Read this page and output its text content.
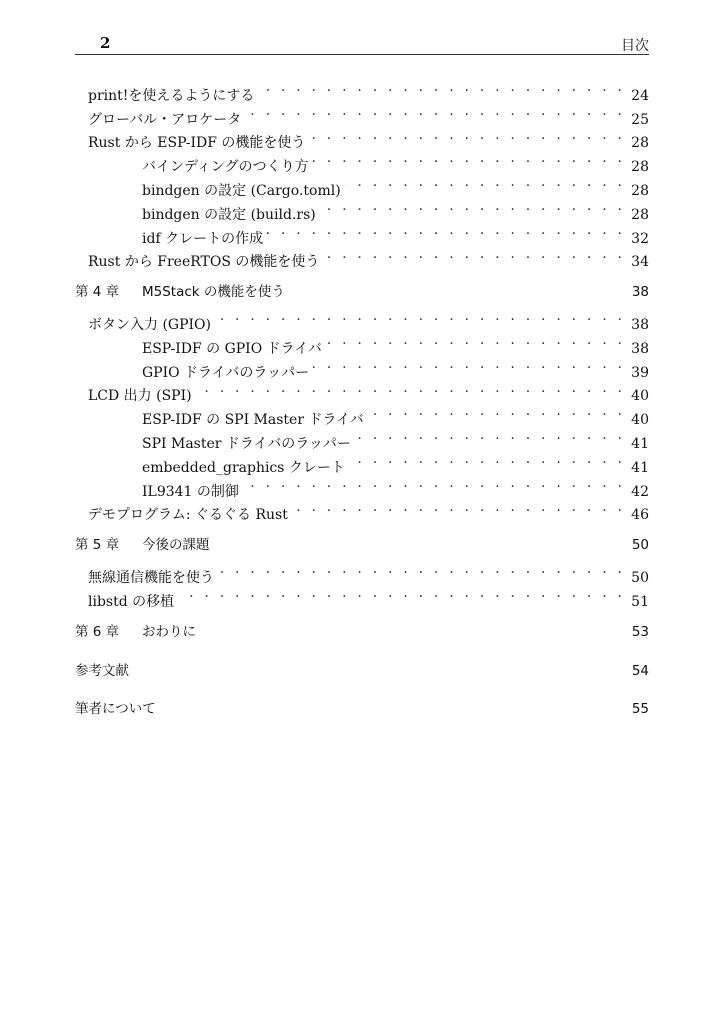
2	目次
print!を使えるようにする . . .	24
グローバル・アロケータ . . .	25
Rust から ESP-IDF の機能を使う . . .	28
バインディングのつくり方 . . .	28
bindgen の設定 (Cargo.toml) . . .	28
bindgen の設定 (build.rs) . . .	28
idf クレートの作成 . . .	32
Rust から FreeRTOS の機能を使う . . .	34
第 4 章	M5Stack の機能を使う	38
ボタン入力 (GPIO) . . .	38
ESP-IDF の GPIO ドライバ . . .	38
GPIO ドライバのラッパー . . .	39
LCD 出力 (SPI) . . .	40
ESP-IDF の SPI Master ドライバ . . .	40
SPI Master ドライバのラッパー . . .	41
embedded_graphics クレート . . .	41
IL9341 の制御 . . .	42
デモプログラム: ぐるぐる Rust . . .	46
第 5 章	今後の課題	50
無線通信機能を使う . . .	50
libstd の移植 . . .	51
第 6 章	おわりに	53
参考文献	54
筆者について	55
